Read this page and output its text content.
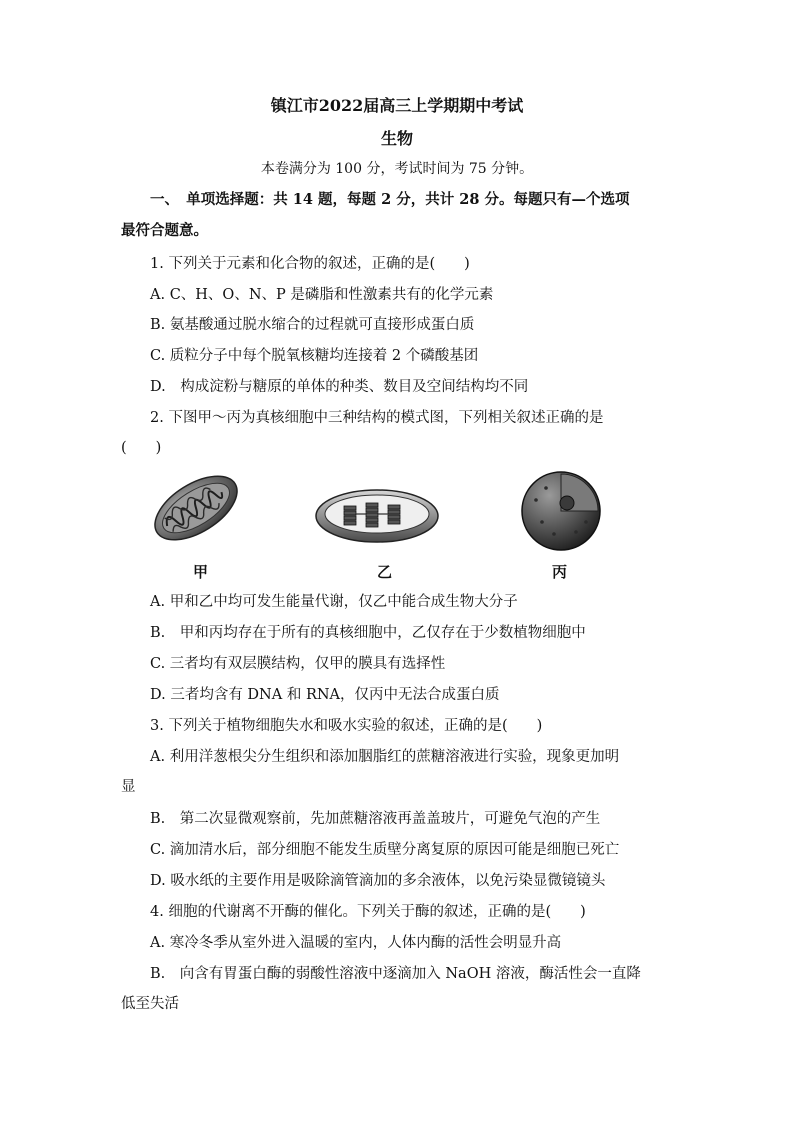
镇江市2022届高三上学期期中考试
生物
本卷满分为 100 分，考试时间为 75 分钟。
一、　单项选择题：共 14 题，每题 2 分，共计 28 分。每题只有—个选项
最符合题意。
1. 下列关于元素和化合物的叙述，正确的是(　　)
A. C、H、O、N、P 是磷脂和性激素共有的化学元素
B. 氨基酸通过脱水缩合的过程就可直接形成蛋白质
C. 质粒分子中每个脱氧核糖均连接着 2 个磷酸基团
D.　构成淀粉与糖原的单体的种类、数目及空间结构均不同
2. 下图甲～丙为真核细胞中三种结构的模式图，下列相关叙述正确的是
(　　)
甲	乙	丙
A. 甲和乙中均可发生能量代谢，仅乙中能合成生物大分子
B.　甲和丙均存在于所有的真核细胞中，乙仅存在于少数植物细胞中
C. 三者均有双层膜结构，仅甲的膜具有选择性
D. 三者均含有 DNA 和 RNA，仅丙中无法合成蛋白质
3. 下列关于植物细胞失水和吸水实验的叙述，正确的是(　　)
A. 利用洋葱根尖分生组织和添加胭脂红的蔗糖溶液进行实验，现象更加明
显
B.　第二次显微观察前，先加蔗糖溶液再盖盖玻片，可避免气泡的产生
C. 滴加清水后，部分细胞不能发生质壁分离复原的原因可能是细胞已死亡
D. 吸水纸的主要作用是吸除滴管滴加的多余液体，以免污染显微镜镜头
4. 细胞的代谢离不开酶的催化。下列关于酶的叙述，正确的是(　　)
A. 寒冷冬季从室外进入温暖的室内，人体内酶的活性会明显升高
B.　向含有胃蛋白酶的弱酸性溶液中逐滴加入 NaOH 溶液，酶活性会一直降
低至失活
